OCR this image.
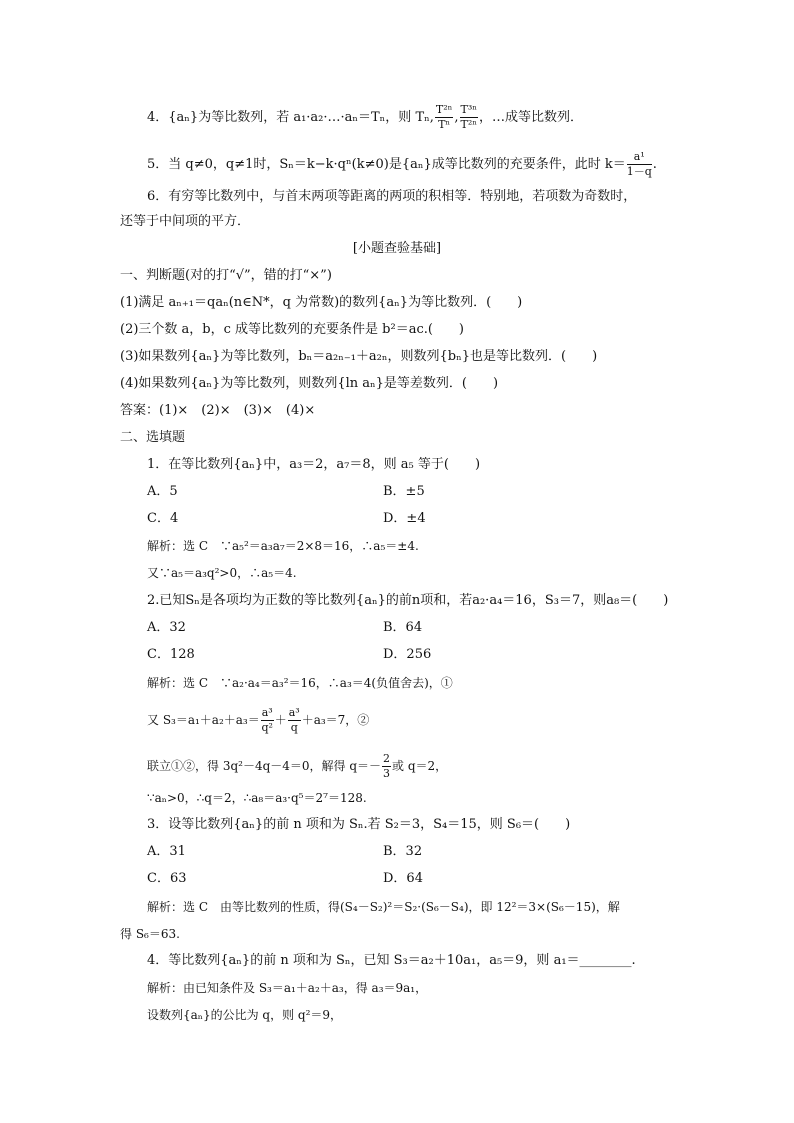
4．{aₙ}为等比数列，若 a₁·a₂·…·aₙ＝Tₙ，则 Tₙ, $\frac{\text{T²ⁿ}}{\text{Tⁿ}}$ , $\frac{\text{T³ⁿ}}{\text{T²ⁿ}}$ ，…成等比数列．
5．当 q≠0，q≠1时，Sₙ＝k−k·qⁿ(k≠0)是{aₙ}成等比数列的充要条件，此时 $k= \frac{\text{a¹}}{1-q}$ .
6．有穷等比数列中，与首末两项等距离的两项的积相等．特别地，若项数为奇数时，
还等于中间项的平方．
[小题查验基础]
一、判断题(对的打“√”，错的打“×”)
(1)满足 aₙ₊₁＝qaₙ(n∈N*，q 为常数)的数列{aₙ}为等比数列．(　　)
(2)三个数 a，b，c 成等比数列的充要条件是 b²＝ac.(　　)
(3)如果数列{aₙ}为等比数列，bₙ＝a₂ₙ₋₁＋a₂ₙ，则数列{bₙ}也是等比数列．(　　)
(4)如果数列{aₙ}为等比数列，则数列{ln aₙ}是等差数列．(　　)
答案：(1)×　(2)×　(3)×　(4)×
二、选填题
1．在等比数列{aₙ}中，a₃＝2，a₇＝8，则 a₅ 等于(　　)
A．5	B．±5
C．4	D．±4
解析：选 C　∵a₅²＝a₃a₇＝2×8＝16，∴a₅＝±4.
又∵a₅＝a₃q²>0，∴a₅＝4.
2.已知Sₙ是各项均为正数的等比数列{aₙ}的前n项和，若a₂·a₄＝16，S₃＝7，则a₈＝(　　)
A．32	B．64
C．128	D．256
解析：选 C　∵a₂·a₄＝a₃²＝16，∴a₃＝4(负值舍去)，①
又 $S_3=a_1+a_2+a_3= \frac{\text{a³}}{\text{q²}} + \frac{\text{a³}}{q} +a_3=7$，②
联立①②，得 3q²－4q－4＝0，解得 $q=- \frac{2}{3}$ 或 q＝2，
∵aₙ>0，∴q＝2，∴a₈＝a₃·q⁵＝2⁷＝128.
3．设等比数列{aₙ}的前 n 项和为 Sₙ.若 S₂＝3，S₄＝15，则 S₆＝(　　)
A．31	B．32
C．63	D．64
解析：选 C　由等比数列的性质，得(S₄－S₂)²＝S₂·(S₆－S₄)，即 12²＝3×(S₆－15)，解
得 S₆＝63.
4．等比数列{aₙ}的前 n 项和为 Sₙ，已知 S₃＝a₂＋10a₁，a₅＝9，则 a₁＝________.
解析：由已知条件及 S₃＝a₁＋a₂＋a₃，得 a₃＝9a₁，
设数列{aₙ}的公比为 q，则 q²＝9，
